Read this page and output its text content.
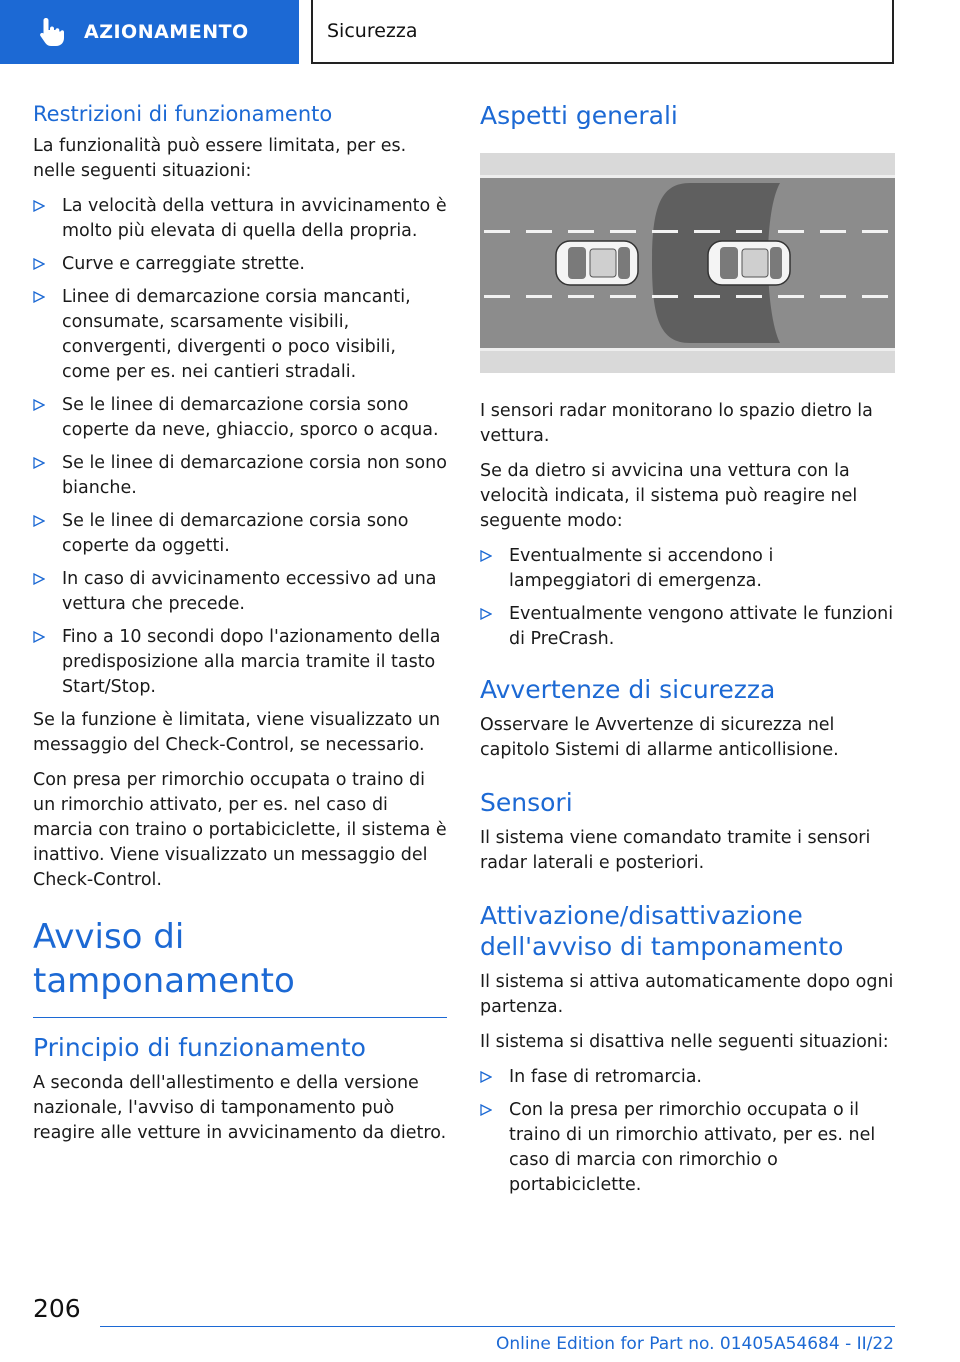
AZIONAMENTO	Sicurezza
Restrizioni di funzionamento

La funzionalità può essere limitata, per es. nelle seguenti situazioni:

La velocità della vettura in avvicinamento è molto più elevata di quella della propria.
Curve e carreggiate strette.
Linee di demarcazione corsia mancanti, consumate, scarsamente visibili, convergenti, divergenti o poco visibili, come per es. nei cantieri stradali.
Se le linee di demarcazione corsia sono coperte da neve, ghiaccio, sporco o acqua.
Se le linee di demarcazione corsia non sono bianche.
Se le linee di demarcazione corsia sono coperte da oggetti.
In caso di avvicinamento eccessivo ad una vettura che precede.
Fino a 10 secondi dopo l'azionamento della predisposizione alla marcia tramite il tasto Start/Stop.

Se la funzione è limitata, viene visualizzato un messaggio del Check-Control, se necessario.

Con presa per rimorchio occupata o traino di un rimorchio attivato, per es. nel caso di marcia con traino o portabiciclette, il sistema è inattivo. Viene visualizzato un messaggio del Check-Control.

Avviso di tamponamento
Principio di funzionamento

A seconda dell'allestimento e della versione nazionale, l'avviso di tamponamento può reagire alle vetture in avvicinamento da dietro.

Aspetti generali

I sensori radar monitorano lo spazio dietro la vettura.

Se da dietro si avvicina una vettura con la velocità indicata, il sistema può reagire nel seguente modo:

Eventualmente si accendono i lampeggiatori di emergenza.
Eventualmente vengono attivate le funzioni di PreCrash.
Avvertenze di sicurezza

Osservare le Avvertenze di sicurezza nel capitolo Sistemi di allarme anticollisione.

Sensori

Il sistema viene comandato tramite i sensori radar laterali e posteriori.

Attivazione/disattivazione dell'avviso di tamponamento

Il sistema si attiva automaticamente dopo ogni partenza.

Il sistema si disattiva nelle seguenti situazioni:

In fase di retromarcia.
Con la presa per rimorchio occupata o il traino di un rimorchio attivato, per es. nel caso di marcia con rimorchio o portabiciclette.
206
Online Edition for Part no. 01405A54684 - II/22
